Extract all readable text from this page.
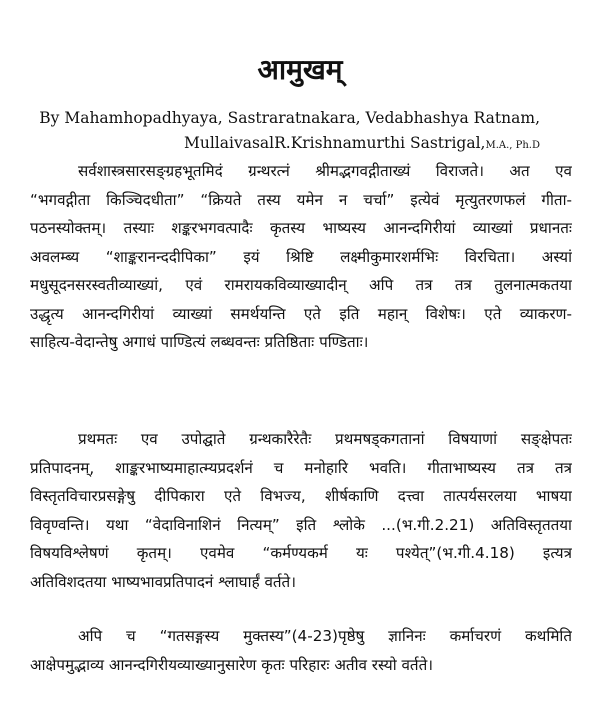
आमुखम्
By Mahamhopadhyaya, Sastraratnakara, Vedabhashya Ratnam,
MullaivasalR.Krishnamurthi Sastrigal,M.A., Ph.D

सर्वशास्त्रसारसङ्ग्रहभूतमिदं ग्रन्थरत्नं श्रीमद्भगवद्गीताख्यं विराजते। अत एव
“भगवद्गीता किञ्चिदधीता” “क्रियते तस्य यमेन न चर्चा” इत्येवं मृत्युतरणफलं गीता-
पठनस्योक्तम्। तस्याः शङ्करभगवत्पादैः कृतस्य भाष्यस्य आनन्दगिरीयां व्याख्यां प्रधानतः
अवलम्ब्य “शाङ्करानन्ददीपिका” इयं श्रिष्टि लक्ष्मीकुमारशर्मभिः विरचिता। अस्यां
मधुसूदनसरस्वतीव्याख्यां, एवं रामरायकविव्याख्यादीन् अपि तत्र तत्र तुलनात्मकतया
उद्धृत्य आनन्दगिरीयां व्याख्यां समर्थयन्ति एते इति महान् विशेषः। एते व्याकरण-
साहित्य-वेदान्तेषु अगाधं पाण्डित्यं लब्धवन्तः प्रतिष्ठिताः पण्डिताः।

प्रथमतः एव उपोद्घाते ग्रन्थकारैरेतैः प्रथमषड्कगतानां विषयाणां सङ्क्षेपतः
प्रतिपादनम्, शाङ्करभाष्यमाहात्म्यप्रदर्शनं च मनोहारि भवति। गीताभाष्यस्य तत्र तत्र
विस्तृतविचारप्रसङ्गेषु दीपिकारा एते विभज्य, शीर्षकाणि दत्त्वा तात्पर्यसरलया भाषया
विवृण्वन्ति। यथा “वेदाविनाशिनं नित्यम्” इति श्लोके ...(भ.गी.2.21) अतिविस्तृततया
विषयविश्लेषणं कृतम्। एवमेव “कर्मण्यकर्म यः पश्येत्”(भ.गी.4.18) इत्यत्र
अतिविशदतया भाष्यभावप्रतिपादनं श्लाघार्हं वर्तते।

अपि च “गतसङ्गस्य मुक्तस्य”(4-23)पृष्ठेषु ज्ञानिनः कर्माचरणं कथमिति
आक्षेपमुद्भाव्य आनन्दगिरीयव्याख्यानुसारेण कृतः परिहारः अतीव रस्यो वर्तते।
